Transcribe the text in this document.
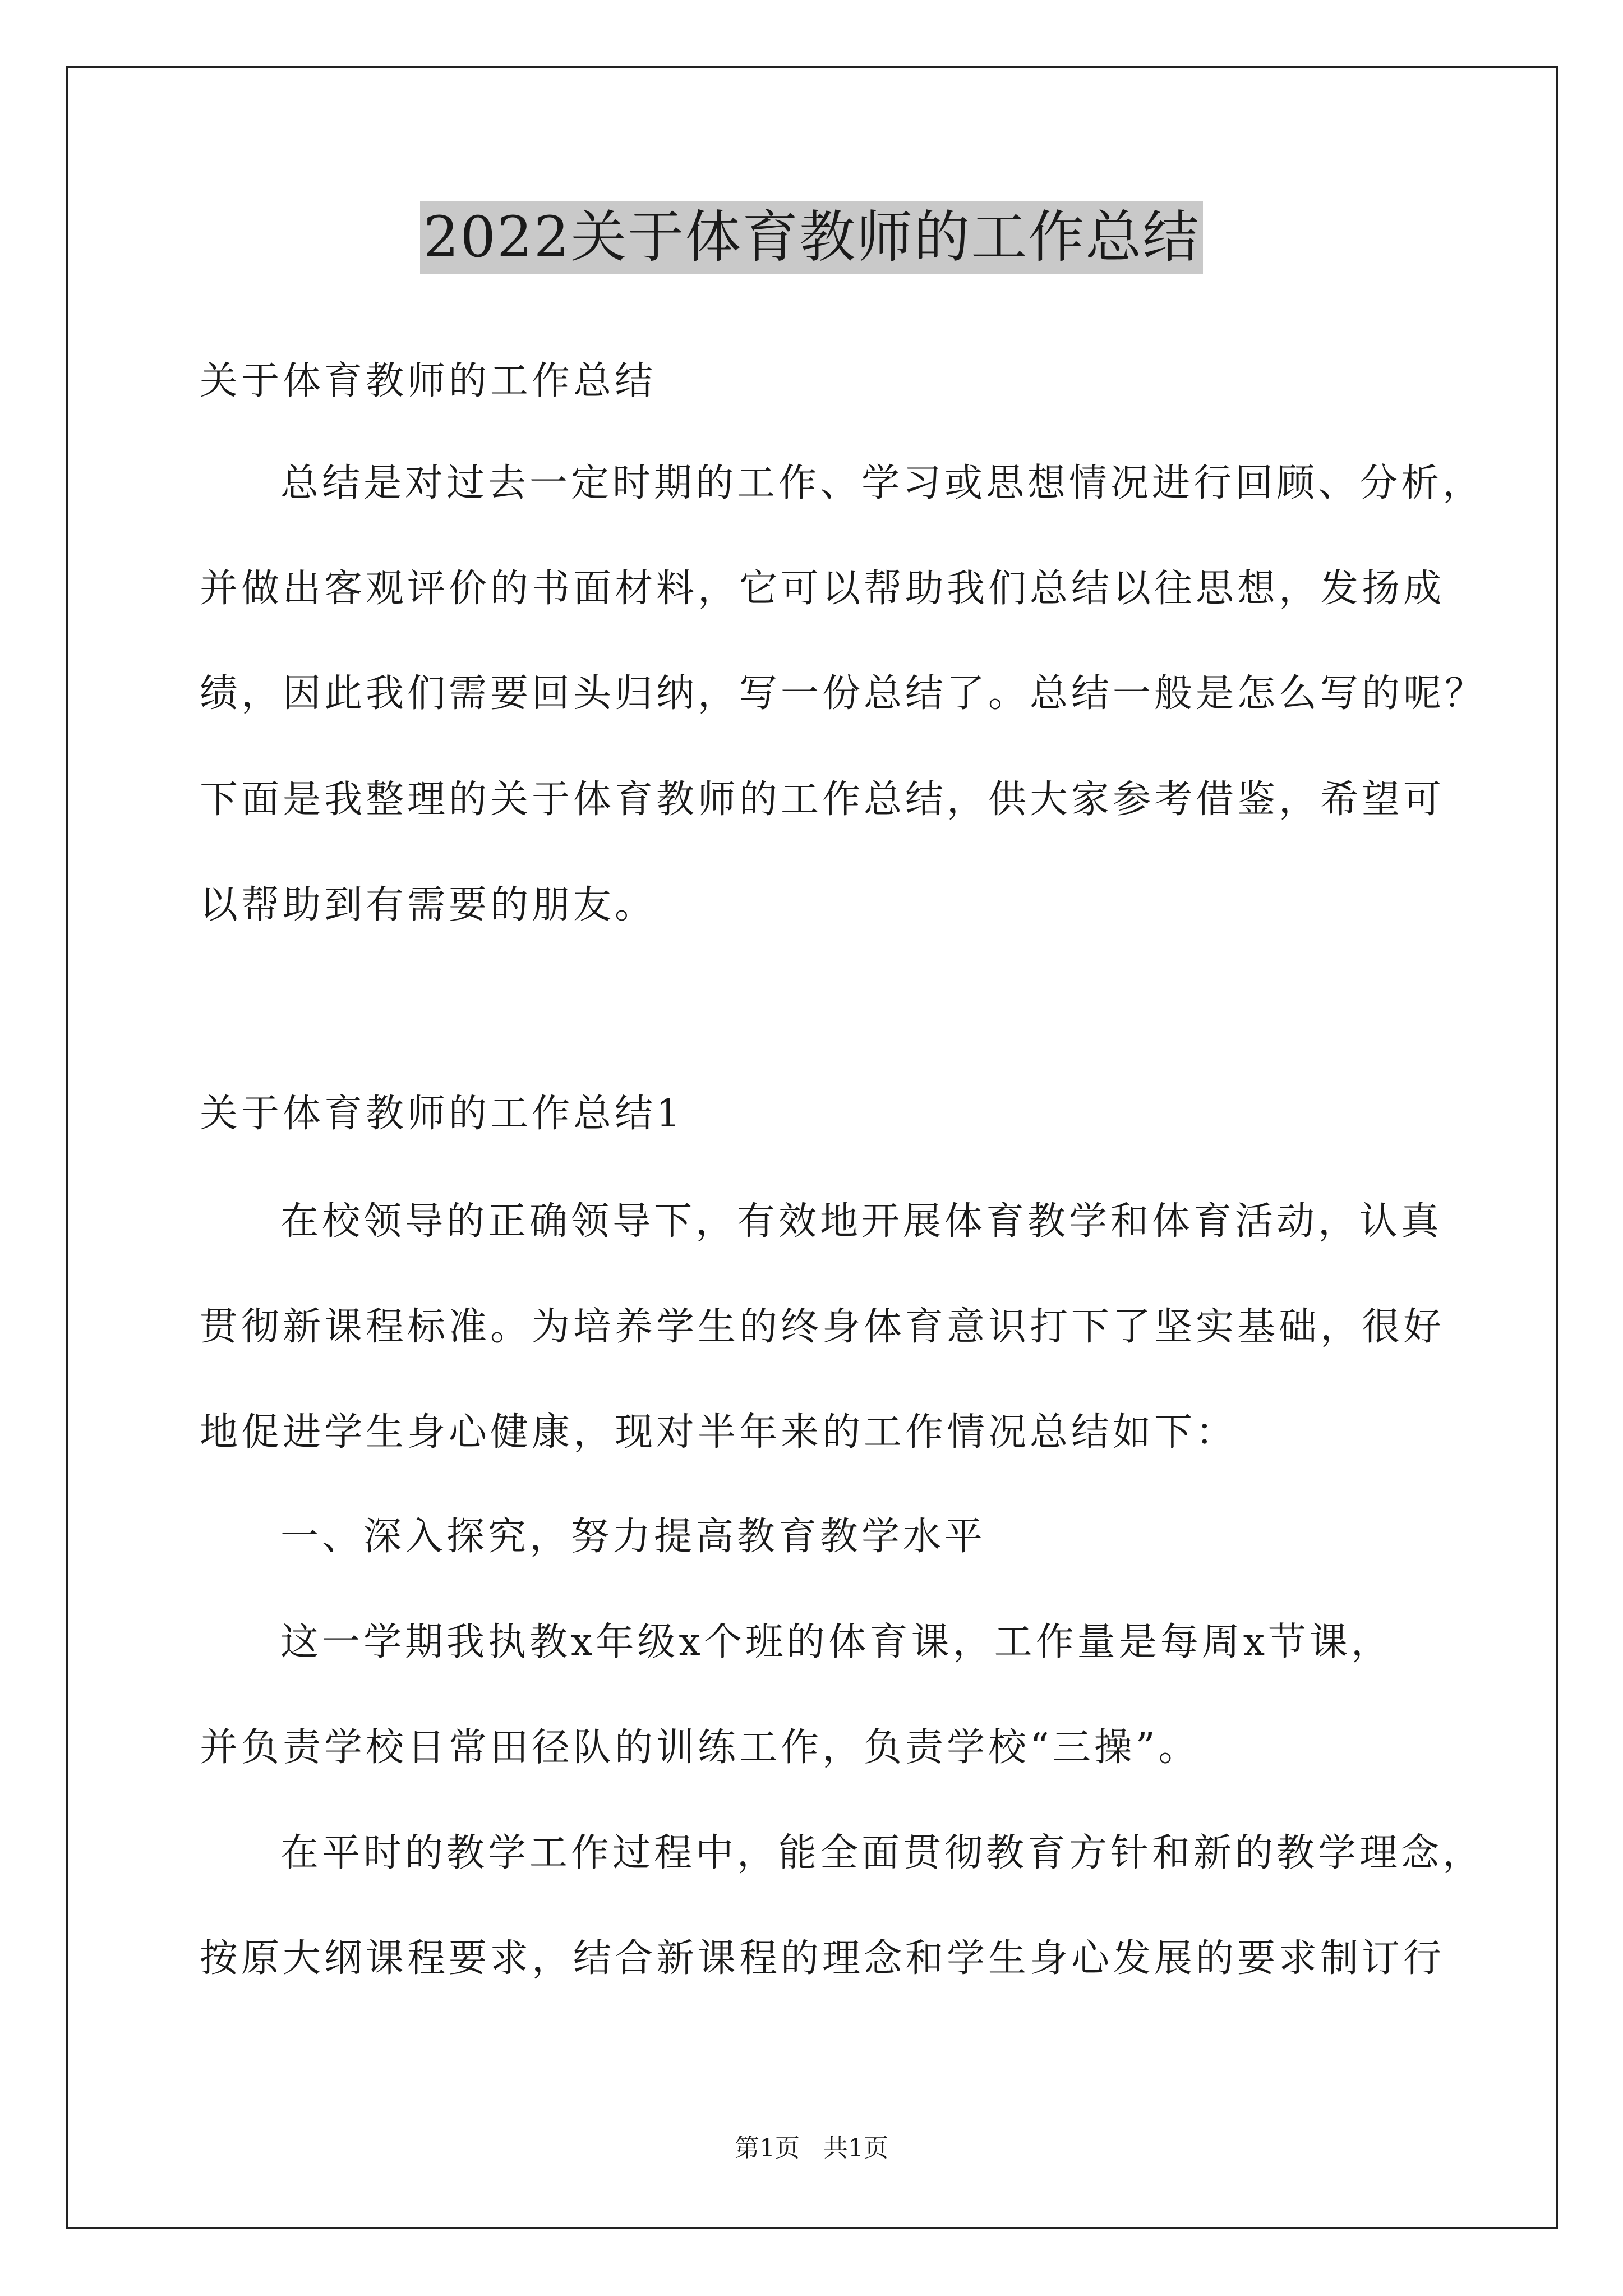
2022关于体育教师的工作总结
关于体育教师的工作总结
总结是对过去一定时期的工作、学习或思想情况进行回顾、分析，
并做出客观评价的书面材料，它可以帮助我们总结以往思想，发扬成
绩，因此我们需要回头归纳，写一份总结了。总结一般是怎么写的呢？
下面是我整理的关于体育教师的工作总结，供大家参考借鉴，希望可
以帮助到有需要的朋友。
关于体育教师的工作总结1
在校领导的正确领导下，有效地开展体育教学和体育活动，认真
贯彻新课程标准。为培养学生的终身体育意识打下了坚实基础，很好
地促进学生身心健康，现对半年来的工作情况总结如下：
一、深入探究，努力提高教育教学水平
这一学期我执教x年级x个班的体育课，工作量是每周x节课，
并负责学校日常田径队的训练工作，负责学校“三操”。
在平时的教学工作过程中，能全面贯彻教育方针和新的教学理念，
按原大纲课程要求，结合新课程的理念和学生身心发展的要求制订行
第1页 共1页
